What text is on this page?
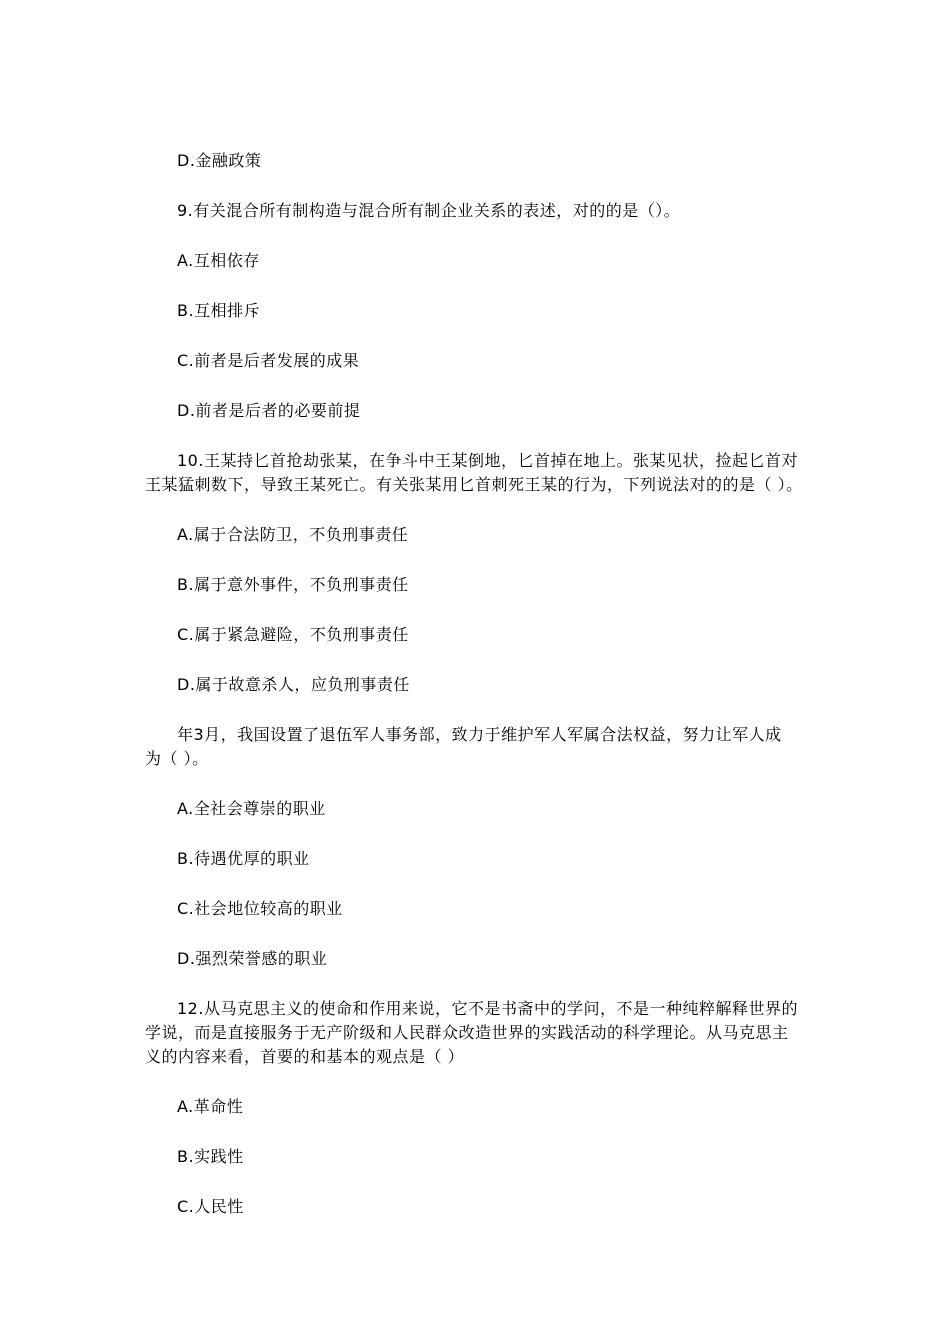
D.金融政策
9.有关混合所有制构造与混合所有制企业关系的表述，对的的是（）。
A.互相依存
B.互相排斥
C.前者是后者发展的成果
D.前者是后者的必要前提
10.王某持匕首抢劫张某，在争斗中王某倒地，匕首掉在地上。张某见状，捡起匕首对
王某猛刺数下，导致王某死亡。有关张某用匕首刺死王某的行为，下列说法对的的是（ ）。
A.属于合法防卫，不负刑事责任
B.属于意外事件，不负刑事责任
C.属于紧急避险，不负刑事责任
D.属于故意杀人，应负刑事责任
年3月，我国设置了退伍军人事务部，致力于维护军人军属合法权益，努力让军人成
为（ ）。
A.全社会尊崇的职业
B.待遇优厚的职业
C.社会地位较高的职业
D.强烈荣誉感的职业
12.从马克思主义的使命和作用来说，它不是书斋中的学问，不是一种纯粹解释世界的
学说，而是直接服务于无产阶级和人民群众改造世界的实践活动的科学理论。从马克思主
义的内容来看，首要的和基本的观点是（ ）
A.革命性
B.实践性
C.人民性
